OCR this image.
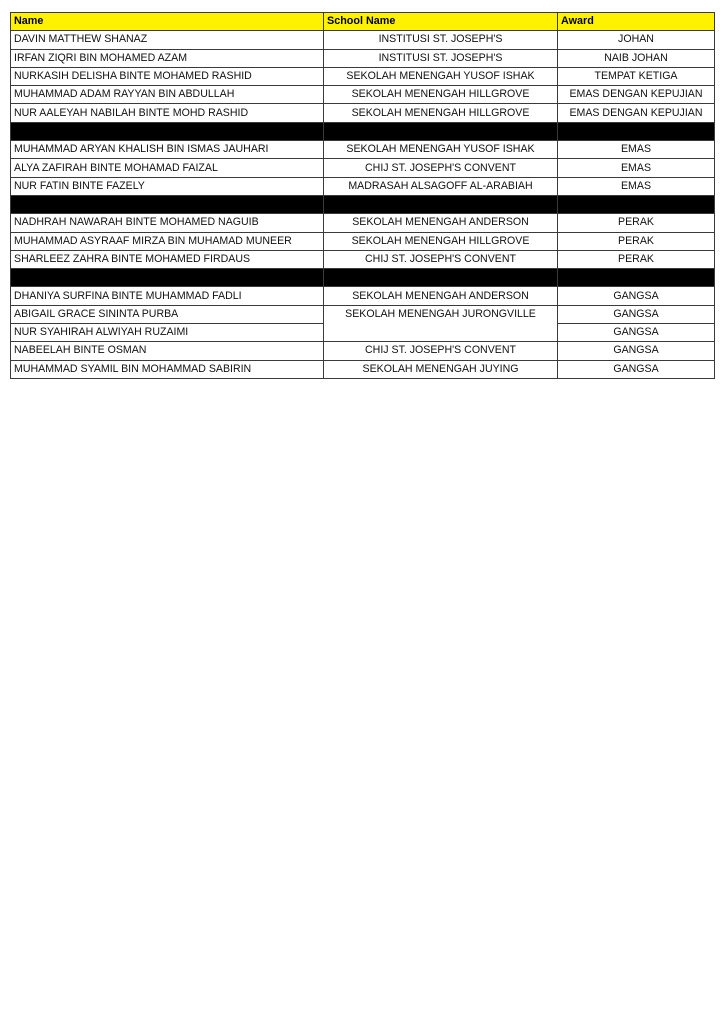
Name	School Name	Award
DAVIN MATTHEW SHANAZ	INSTITUSI ST. JOSEPH'S	JOHAN
IRFAN ZIQRI BIN MOHAMED AZAM	INSTITUSI ST. JOSEPH'S	NAIB JOHAN
NURKASIH DELISHA BINTE MOHAMED RASHID	SEKOLAH MENENGAH YUSOF ISHAK	TEMPAT KETIGA
MUHAMMAD ADAM RAYYAN BIN ABDULLAH	SEKOLAH MENENGAH HILLGROVE	EMAS DENGAN KEPUJIAN
NUR AALEYAH NABILAH BINTE MOHD RASHID	SEKOLAH MENENGAH HILLGROVE	EMAS DENGAN KEPUJIAN

MUHAMMAD ARYAN KHALISH BIN ISMAS JAUHARI	SEKOLAH MENENGAH YUSOF ISHAK	EMAS
ALYA ZAFIRAH BINTE MOHAMAD FAIZAL	CHIJ ST. JOSEPH'S CONVENT	EMAS
NUR FATIN BINTE FAZELY	MADRASAH ALSAGOFF AL-ARABIAH	EMAS

NADHRAH NAWARAH BINTE MOHAMED NAGUIB	SEKOLAH MENENGAH ANDERSON	PERAK
MUHAMMAD ASYRAAF MIRZA BIN MUHAMAD MUNEER	SEKOLAH MENENGAH HILLGROVE	PERAK
SHARLEEZ ZAHRA BINTE MOHAMED FIRDAUS	CHIJ ST. JOSEPH'S CONVENT	PERAK

DHANIYA SURFINA BINTE MUHAMMAD FADLI	SEKOLAH MENENGAH ANDERSON	GANGSA
ABIGAIL GRACE SININTA PURBA	SEKOLAH MENENGAH JURONGVILLE	GANGSA
NUR SYAHIRAH ALWIYAH RUZAIMI		GANGSA
NABEELAH BINTE OSMAN	CHIJ ST. JOSEPH'S CONVENT	GANGSA
MUHAMMAD SYAMIL BIN MOHAMMAD SABIRIN	SEKOLAH MENENGAH JUYING	GANGSA
